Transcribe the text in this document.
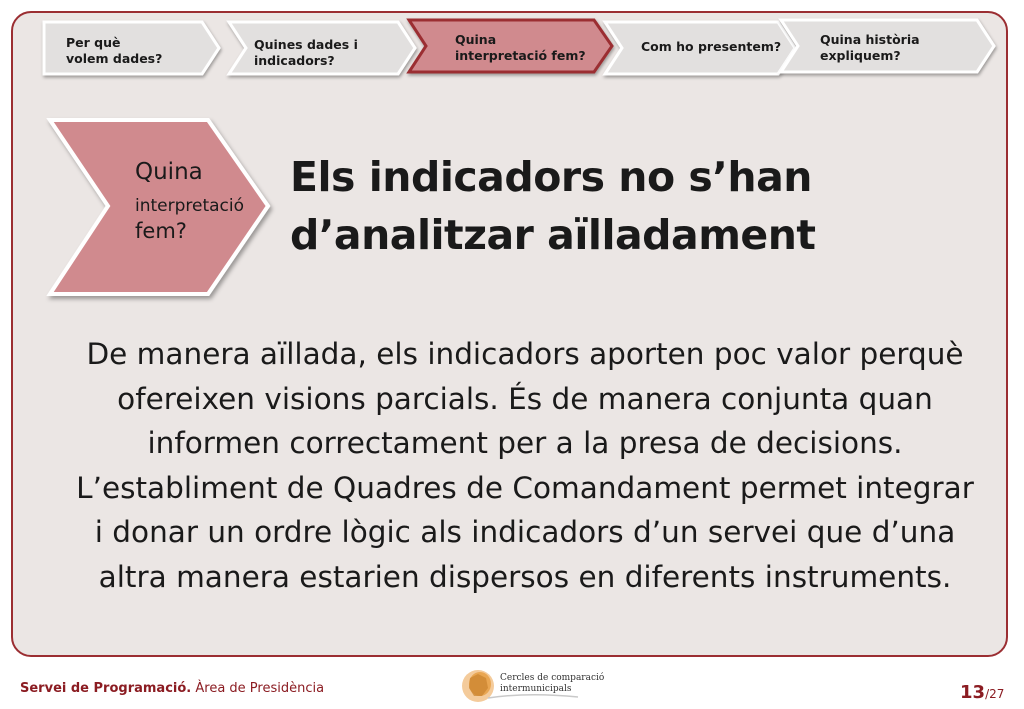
Per què
volem dades?
Quines dades i
indicadors?
Quina
interpretació fem?
Com ho presentem?	Quina història
expliquem?
Quina
interpretació
fem?
Els indicadors no s’han d’analitzar aïlladament
De manera aïllada, els indicadors aporten poc valor perquè ofereixen visions parcials. És de manera conjunta quan informen correctament per a la presa de decisions. L’establiment de Quadres de Comandament permet integrar i donar un ordre lògic als indicadors d’un servei que d’una altra manera estarien dispersos en diferents instruments.
Servei de Programació. Àrea de Presidència
Cercles de comparació
intermunicipals	13/27
